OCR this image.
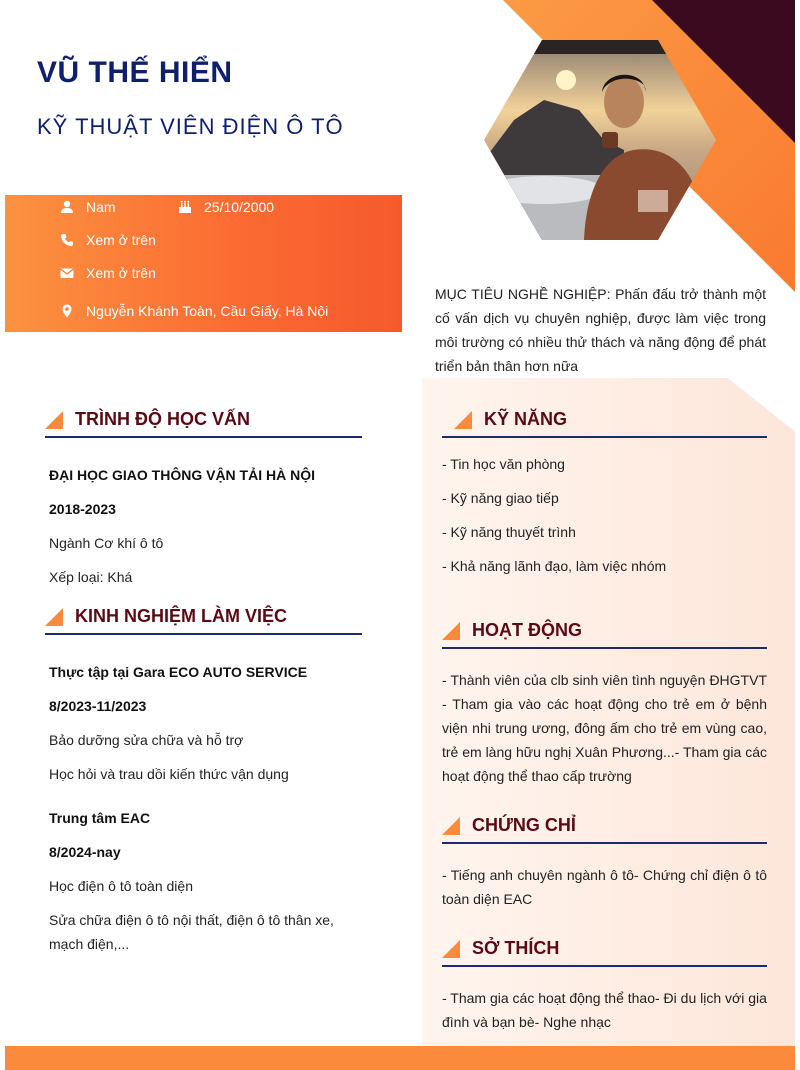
VŨ THẾ HIỂN
KỸ THUẬT VIÊN ĐIỆN Ô TÔ
Nam	25/10/2000
Xem ở trên
Xem ở trên
Nguyễn Khánh Toàn, Cầu Giấy, Hà Nội
MỤC TIÊU NGHỀ NGHIỆP: Phấn đấu trở thành một cố vấn dịch vụ chuyên nghiệp, được làm việc trong môi trường có nhiều thử thách và năng động để phát triển bản thân hơn nữa
TRÌNH ĐỘ HỌC VẤN
ĐẠI HỌC GIAO THÔNG VẬN TẢI HÀ NỘI
2018-2023
Ngành Cơ khí ô tô
Xếp loại: Khá
KINH NGHIỆM LÀM VIỆC
Thực tập tại Gara ECO AUTO SERVICE
8/2023-11/2023
Bảo dưỡng sửa chữa và hỗ trợ
Học hỏi và trau dồi kiến thức vận dụng
Trung tâm EAC
8/2024-nay
Học điện ô tô toàn diện
Sửa chữa điện ô tô nội thất, điện ô tô thân xe, mạch điện,...
KỸ NĂNG
- Tin học văn phòng
- Kỹ năng giao tiếp
- Kỹ năng thuyết trình
- Khả năng lãnh đạo, làm việc nhóm
HOẠT ĐỘNG
- Thành viên của clb sinh viên tình nguyện ĐHGTVT - Tham gia vào các hoạt động cho trẻ em ở bệnh viện nhi trung ương, đông ấm cho trẻ em vùng cao, trẻ em làng hữu nghị Xuân Phương...- Tham gia các hoạt động thể thao cấp trường
CHỨNG CHỈ
- Tiếng anh chuyên ngành ô tô- Chứng chỉ điện ô tô toàn diện EAC
SỞ THÍCH
- Tham gia các hoạt động thể thao- Đi du lịch với gia đình và bạn bè- Nghe nhạc
